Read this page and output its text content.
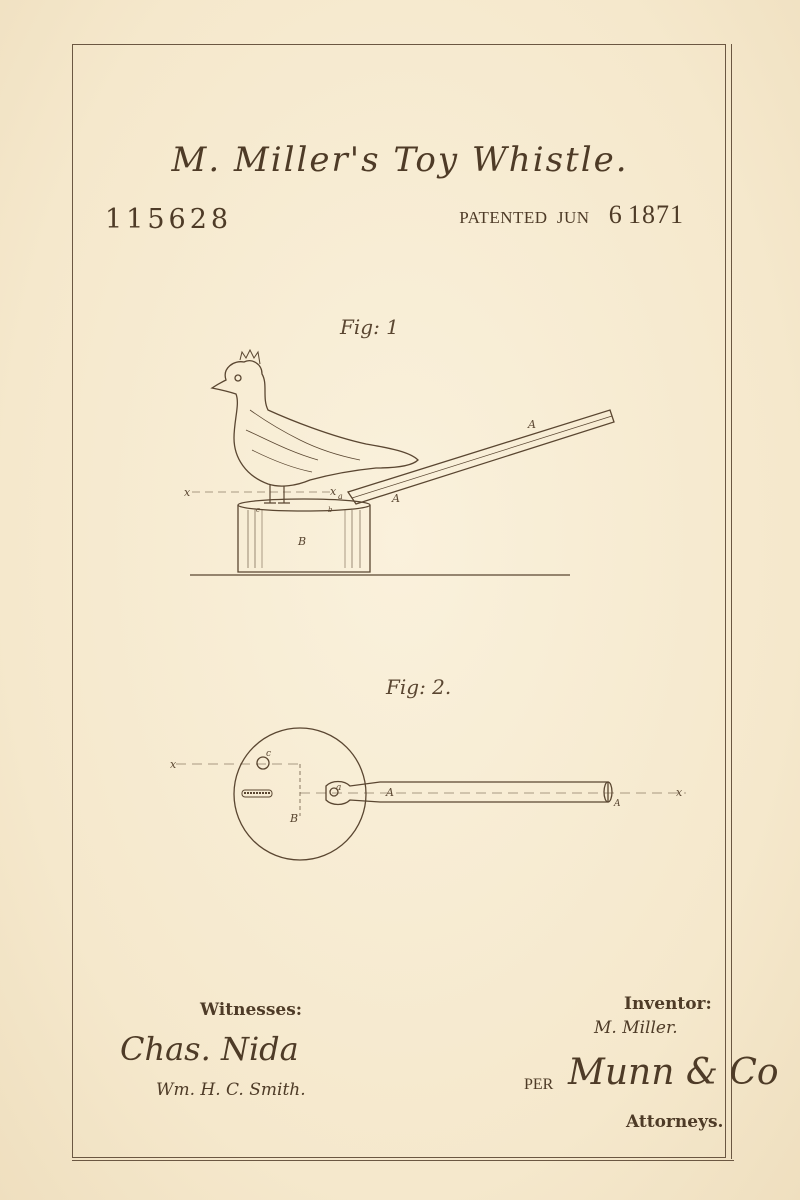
M. Miller's Toy Whistle.
115628	PATENTED JUN 6 1871
Fig: 1
A
A
B
x	x a
c	b
Fig: 2.
c
a	A
B
A
x
x
Witnesses:
Chas. Nida
Wm. H. C. Smith.
Inventor:
M. Miller.
PER Munn & Co
Attorneys.
